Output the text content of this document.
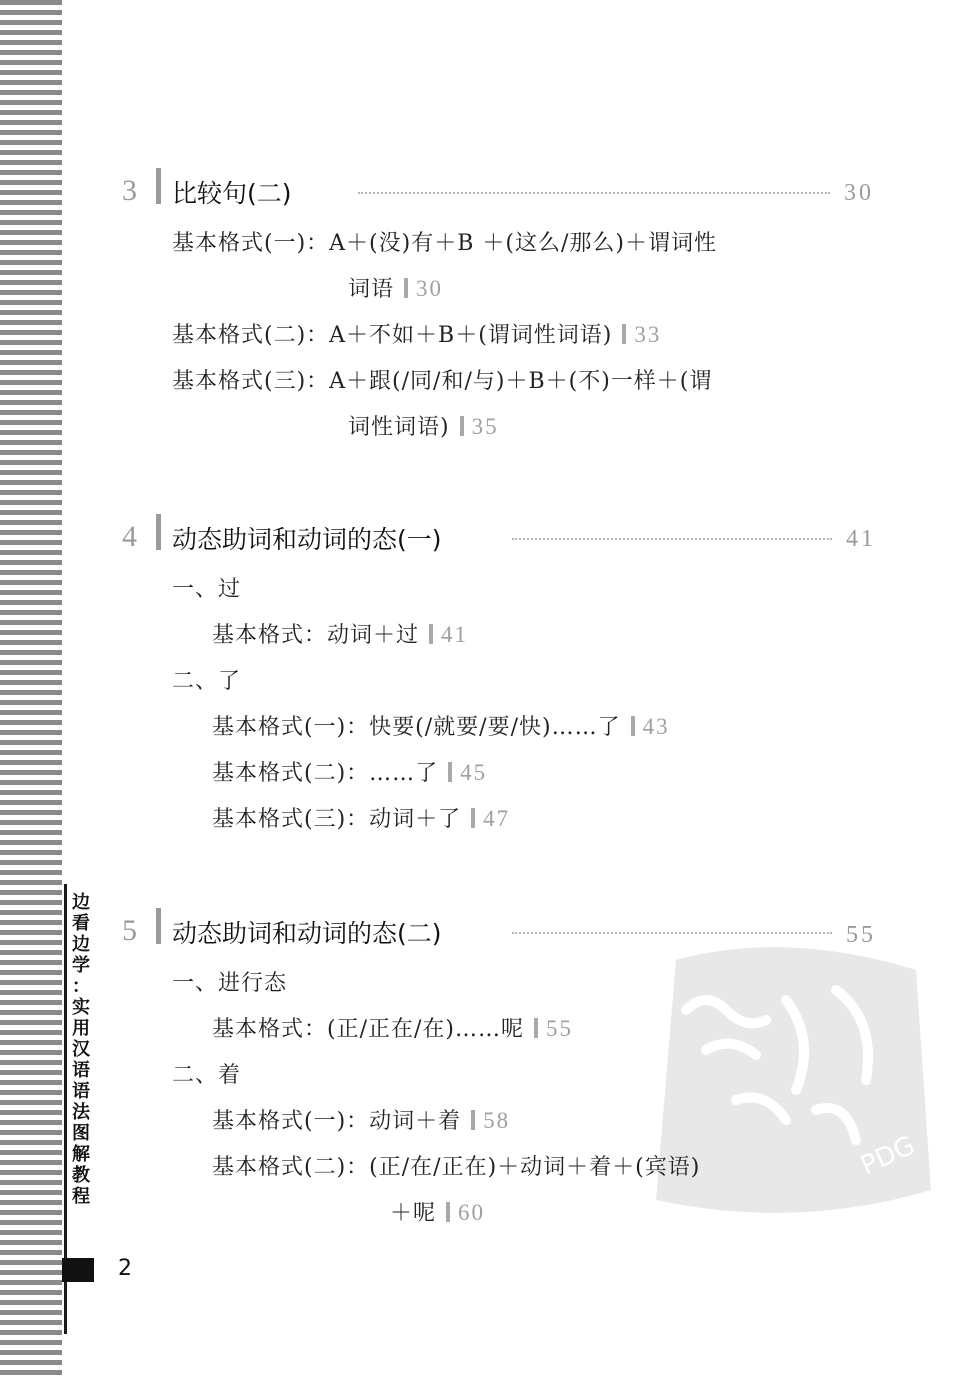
边
看
边
学
：
实
用
汉
语
语
法
图
解
教
程
2
3 比较句(二)	30
基本格式(一)：A＋(没)有＋B ＋(这么/那么)＋谓词性
词语 30
基本格式(二)：A＋不如＋B＋(谓词性词语) 33
基本格式(三)：A＋跟(/同/和/与)＋B＋(不)一样＋(谓
词性词语) 35
4 动态助词和动词的态(一)	41
一、过
基本格式：动词＋过 41
二、了
基本格式(一)：快要(/就要/要/快)……了 43
基本格式(二)：……了 45
基本格式(三)：动词＋了 47
5 动态助词和动词的态(二)	55
PDG
一、进行态
基本格式：(正/正在/在)……呢 55
二、着
基本格式(一)：动词＋着 58
基本格式(二)：(正/在/正在)＋动词＋着＋(宾语)
＋呢 60
